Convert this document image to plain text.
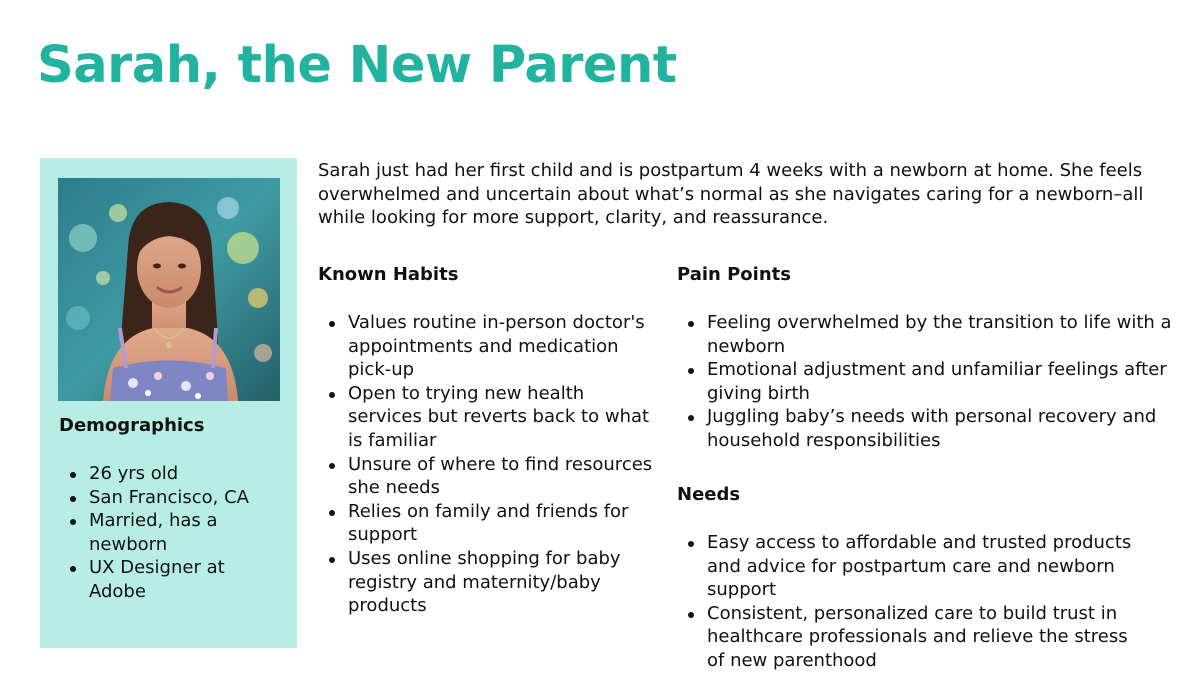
Sarah, the New Parent
Demographics
26 yrs old
San Francisco, CA
Married, has a newborn
UX Designer at Adobe

Sarah just had her first child and is postpartum 4 weeks with a newborn at home. She feels overwhelmed and uncertain about what’s normal as she navigates caring for a newborn–all while looking for more support, clarity, and reassurance.

Known Habits
Values routine in-person doctor's appointments and medication pick-up
Open to trying new health services but reverts back to what is familiar
Unsure of where to find resources she needs
Relies on family and friends for support
Uses online shopping for baby registry and maternity/baby products
Pain Points
Feeling overwhelmed by the transition to life with a newborn
Emotional adjustment and unfamiliar feelings after giving birth
Juggling baby’s needs with personal recovery and household responsibilities
Needs
Easy access to affordable and trusted products and advice for postpartum care and newborn support
Consistent, personalized care to build trust in healthcare professionals and relieve the stress of new parenthood
